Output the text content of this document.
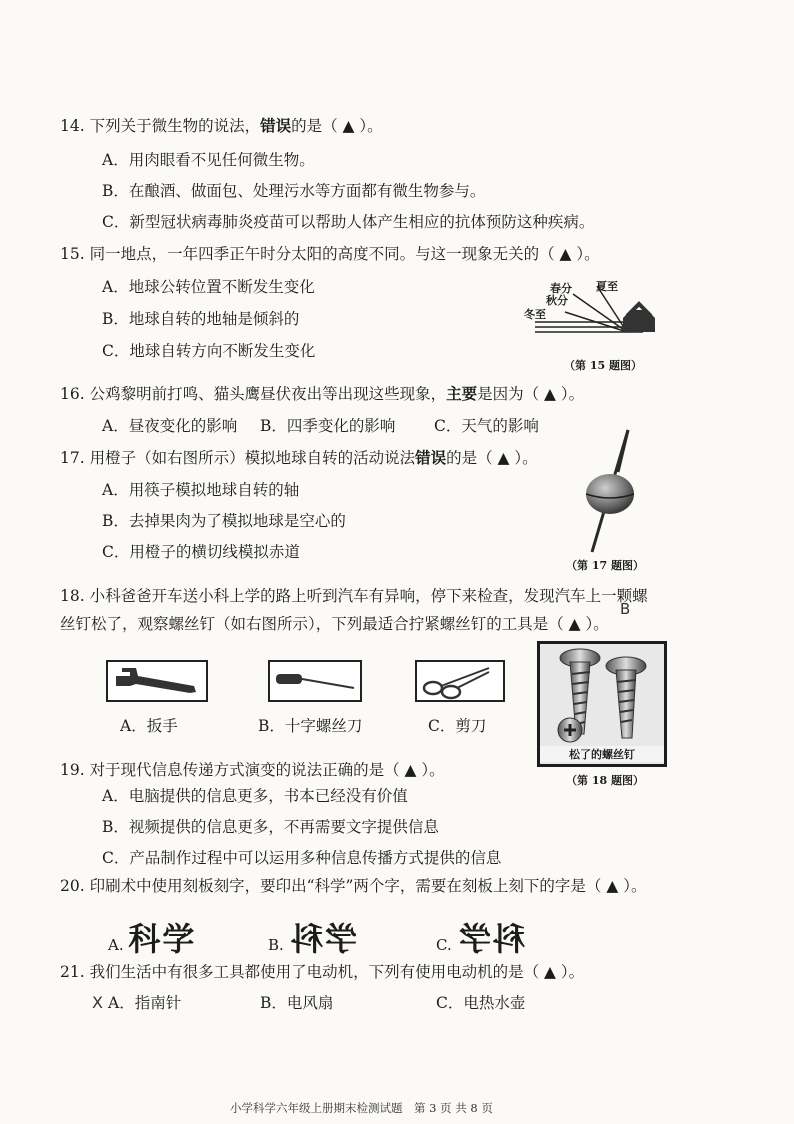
14. 下列关于微生物的说法，错误的是（ ▲ ）。
A．用肉眼看不见任何微生物。
B．在酿酒、做面包、处理污水等方面都有微生物参与。
C．新型冠状病毒肺炎疫苗可以帮助人体产生相应的抗体预防这种疾病。
15. 同一地点，一年四季正午时分太阳的高度不同。与这一现象无关的（ ▲ ）。
A．地球公转位置不断发生变化
B．地球自转的地轴是倾斜的
C．地球自转方向不断发生变化
春分
秋分
夏至
冬至
（第 15 题图）
16. 公鸡黎明前打鸣、猫头鹰昼伏夜出等出现这些现象，主要是因为（ ▲ ）。
A．昼夜变化的影响	B．四季变化的影响	C．天气的影响
17. 用橙子（如右图所示）模拟地球自转的活动说法错误的是（ ▲ ）。
A．用筷子模拟地球自转的轴
B．去掉果肉为了模拟地球是空心的
C．用橙子的横切线模拟赤道
（第 17 题图）
18. 小科爸爸开车送小科上学的路上听到汽车有异响，停下来检查，发现汽车上一颗螺
丝钉松了，观察螺丝钉（如右图所示），下列最适合拧紧螺丝钉的工具是（ ▲ ）。
B
A．扳手	B．十字螺丝刀	C．剪刀
松了的螺丝钉
（第 18 题图）
19. 对于现代信息传递方式演变的说法正确的是（ ▲ ）。
A．电脑提供的信息更多，书本已经没有价值
B．视频提供的信息更多，不再需要文字提供信息
C．产品制作过程中可以运用多种信息传播方式提供的信息
20. 印刷术中使用刻板刻字，要印出“科学”两个字，需要在刻板上刻下的字是（ ▲ ）。
A. 科学	B. 学科	C. 科学
21. 我们生活中有很多工具都使用了电动机，下列有使用电动机的是（ ▲ ）。
X A．指南针	B．电风扇	C．电热水壶
小学科学六年级上册期末检测试题　第 3 页 共 8 页
